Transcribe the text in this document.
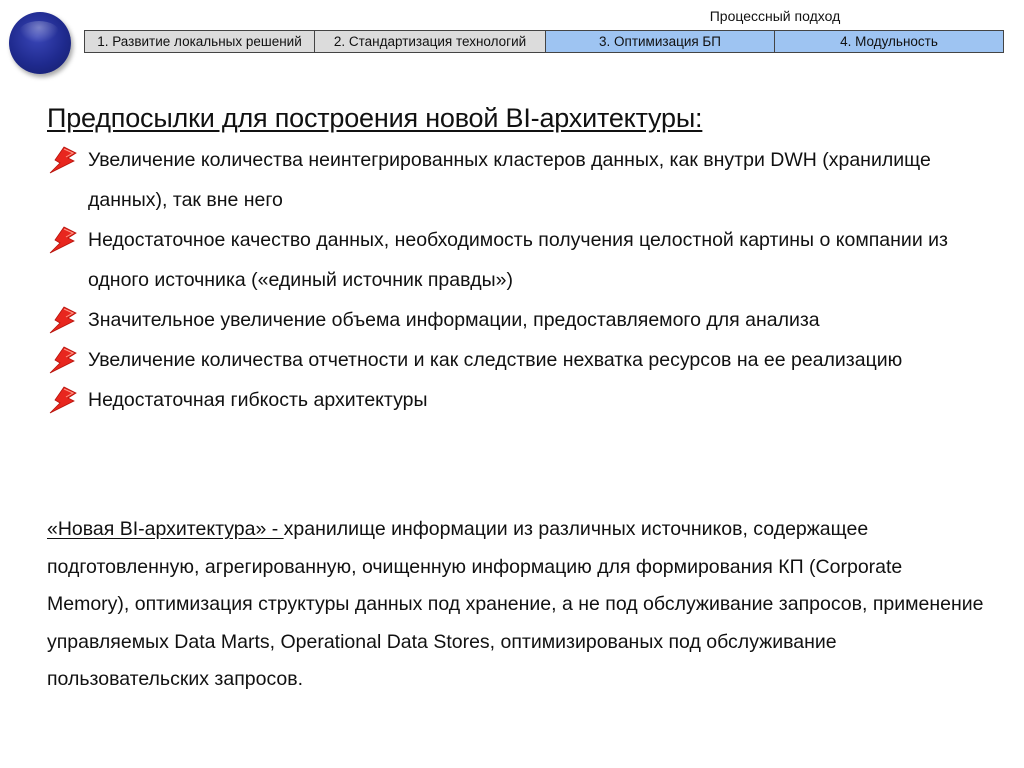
Процессный подход
1. Развитие локальных решений	2. Стандартизация технологий	3. Оптимизация БП	4. Модульность
Предпосылки для построения новой BI-архитектуры:
Увеличение количества неинтегрированных кластеров данных, как внутри DWH (хранилище данных), так вне него
Недостаточное качество данных, необходимость получения целостной картины о компании из одного источника («единый источник правды»)
Значительное увеличение объема информации, предоставляемого для анализа
Увеличение количества отчетности и как следствие нехватка ресурсов на ее реализацию
Недостаточная гибкость архитектуры
«Новая BI-архитектура» - хранилище информации из различных источников, содержащее подготовленную, агрегированную, очищенную информацию для формирования КП (Corporate Memory), оптимизация структуры данных под хранение, а не под обслуживание запросов, применение управляемых Data Marts, Operational Data Stores, оптимизированых под обслуживание пользовательских запросов.
